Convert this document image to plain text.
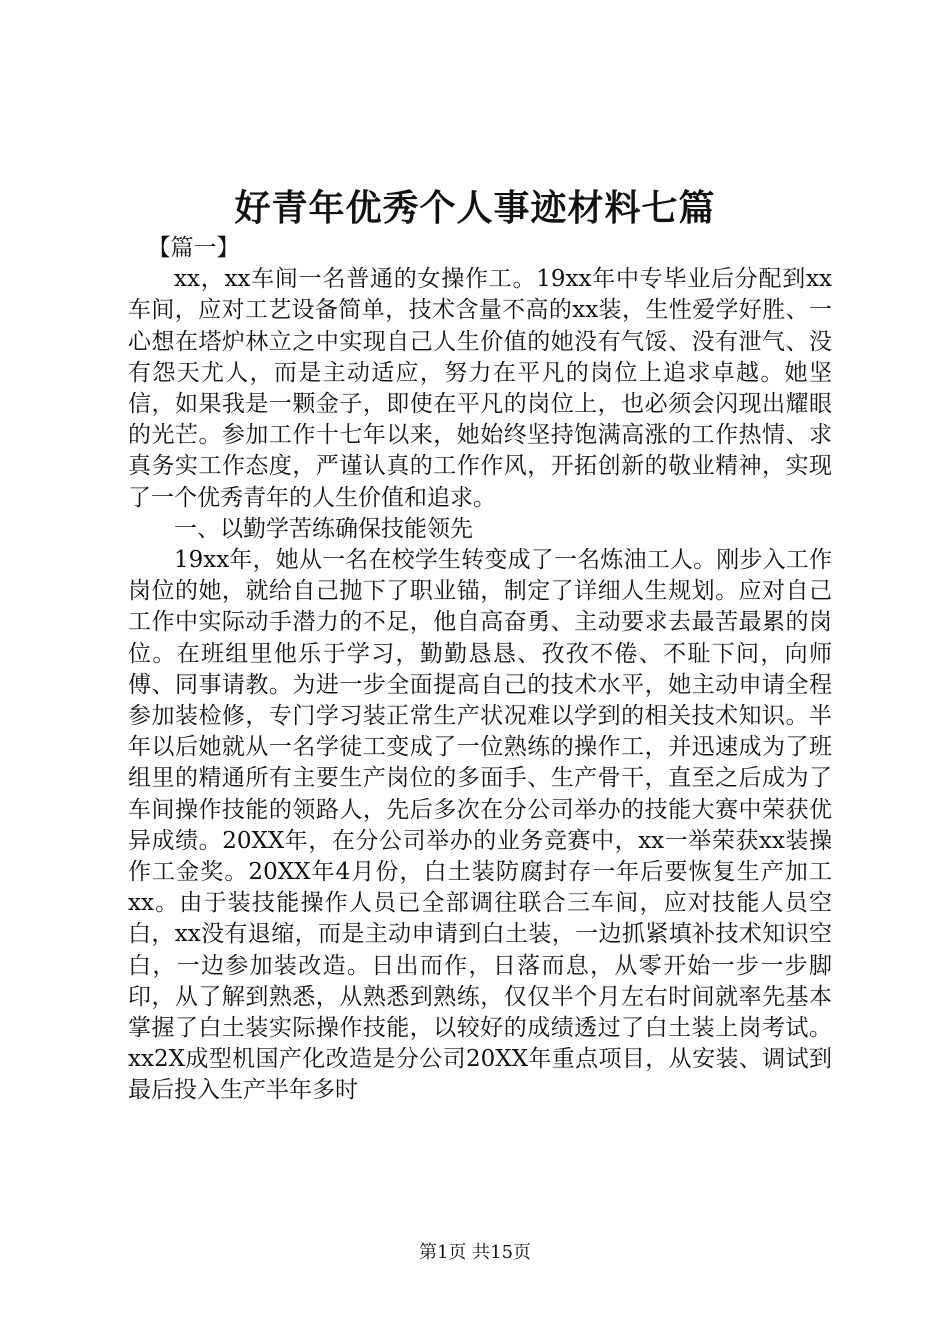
好青年优秀个人事迹材料七篇

【篇一】

xx，xx车间一名普通的女操作工。19xx年中专毕业后分配到xx车间，应对工艺设备简单，技术含量不高的xx装，生性爱学好胜、一心想在塔炉林立之中实现自己人生价值的她没有气馁、没有泄气、没有怨天尤人，而是主动适应，努力在平凡的岗位上追求卓越。她坚信，如果我是一颗金子，即使在平凡的岗位上，也必须会闪现出耀眼的光芒。参加工作十七年以来，她始终坚持饱满高涨的工作热情、求真务实工作态度，严谨认真的工作作风，开拓创新的敬业精神，实现了一个优秀青年的人生价值和追求。

一、以勤学苦练确保技能领先

19xx年，她从一名在校学生转变成了一名炼油工人。刚步入工作岗位的她，就给自己抛下了职业锚，制定了详细人生规划。应对自己工作中实际动手潜力的不足，他自高奋勇、主动要求去最苦最累的岗位。在班组里他乐于学习，勤勤恳恳、孜孜不倦、不耻下问，向师傅、同事请教。为进一步全面提高自己的技术水平，她主动申请全程参加装检修，专门学习装正常生产状况难以学到的相关技术知识。半年以后她就从一名学徒工变成了一位熟练的操作工，并迅速成为了班组里的精通所有主要生产岗位的多面手、生产骨干，直至之后成为了车间操作技能的领路人，先后多次在分公司举办的技能大赛中荣获优异成绩。20XX年，在分公司举办的业务竞赛中，xx一举荣获xx装操作工金奖。20XX年4月份，白土装防腐封存一年后要恢复生产加工xx。由于装技能操作人员已全部调往联合三车间，应对技能人员空白，xx没有退缩，而是主动申请到白土装，一边抓紧填补技术知识空白，一边参加装改造。日出而作，日落而息，从零开始一步一步脚印，从了解到熟悉，从熟悉到熟练，仅仅半个月左右时间就率先基本掌握了白土装实际操作技能，以较好的成绩透过了白土装上岗考试。xx2X成型机国产化改造是分公司20XX年重点项目，从安装、调试到最后投入生产半年多时

第1页 共15页
